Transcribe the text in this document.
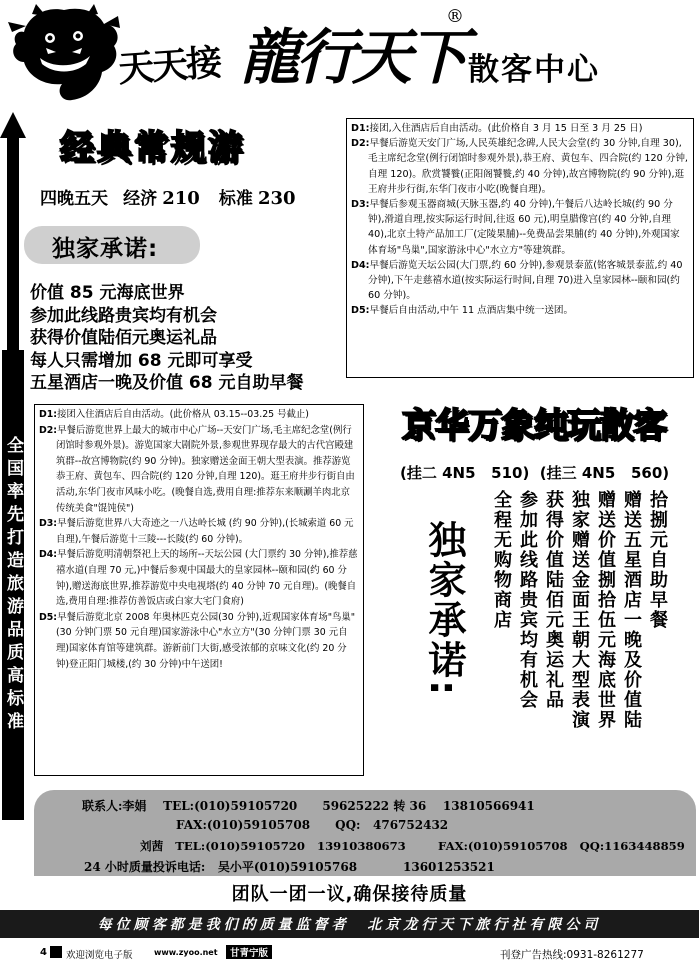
天天接 龍行天下
®
散客中心
全国率先打造旅游品质高标准
经典常规游
四晚五天 经济 210 标准 230
独家承诺:
价值 85 元海底世界
参加此线路贵宾均有机会
获得价值陆佰元奥运礼品
每人只需增加 68 元即可享受
五星酒店一晚及价值 68 元自助早餐

D1:接团,入住酒店后自由活动。(此价格自 3 月 15 日至 3 月 25 日)

D2:早餐后游览天安门广场,人民英雄纪念碑,人民大会堂(约 30 分钟,自理 30),毛主席纪念堂(例行闭馆时参观外景),恭王府、黄包车、四合院(约 120 分钟,自理 120)。欣赏饕餮(正阳阁饕餮,约 40 分钟),故宫博物院(约 90 分钟),逛王府井步行街,东华门夜市小吃(晚餐自理)。

D3:早餐后参观玉器商城(天脉玉器,约 40 分钟),午餐后八达岭长城(约 90 分钟),滑道自理,按实际运行时间,往返 60 元),明皇腊像宫(约 40 分钟,自理 40),北京土特产品加工厂(定陵果脯)--免费品尝果脯(约 40 分钟),外观国家体育场"鸟巢",国家游泳中心"水立方"等建筑群。

D4:早餐后游览天坛公园(大门票,约 60 分钟),参观景泰蓝(铭客城景泰蓝,约 40 分钟),下午走慈禧水道(按实际运行时间,自理 70)进入皇家园林--颐和园(约 60 分钟)。

D5:早餐后自由活动,中午 11 点酒店集中统一送团。

D1:接团入住酒店后自由活动。(此价格从 03.15--03.25 号截止)

D2:早餐后游览世界上最大的城市中心广场--天安门广场,毛主席纪念堂(例行闭馆时参观外景)。游览国家大剧院外景,参观世界现存最大的古代宫殿建筑群--故宫博物院(约 90 分钟)。独家赠送金面王朝大型表演。推荐游览恭王府、黄包车、四合院(约 120 分钟,自理 120)。逛王府井步行街自由活动,东华门夜市风味小吃。(晚餐自选,费用自理:推荐东来顺涮羊肉北京传统美食"馄饨侯")

D3:早餐后游览世界八大奇迹之一八达岭长城 (约 90 分钟),(长城索道 60 元自理),午餐后游览十三陵---长陵(约 60 分钟)。

D4:早餐后游览明清朝祭祀上天的场所--天坛公园 (大门票约 30 分钟),推荐慈禧水道(自理 70 元,)中餐后参观中国最大的皇家园林--颐和园(约 60 分钟),赠送海底世界,推荐游览中央电视塔(约 40 分钟 70 元自理)。(晚餐自选,费用自理:推荐仿善饭店或白家大宅门食府)

D5:早餐后游览北京 2008 年奥林匹克公园(30 分钟),近观国家体育场"鸟巢"(30 分钟门票 50 元自理)国家游泳中心"水立方"(30 分钟门票 30 元自理)国家体育馆等建筑群。游新前门大街,感受浓郁的京味文化(约 20 分钟)登正阳门城楼,(约 30 分钟)中午送团!

京华万象纯玩散客
(挂二 4N5   510)  (挂三 4N5   560)
独家承诺:	拾捌元自助早餐
赠送五星酒店一晚及价值陆
赠送价值捌拾伍元海底世界
独家赠送金面王朝大型表演
获得价值陆佰元奥运礼品
参加此线路贵宾均有机会
全程无购物商店
联系人:李娟    TEL:(010)59105720      59625222 转 36    13810566941
FAX:(010)59105708      QQ:   476752432
刘茜   TEL:(010)59105720   13910380673        FAX:(010)59105708   QQ:1163448859
24 小时质量投诉电话:   吴小平(010)59105768           13601253521
团队一团一议,确保接待质量
每位顾客都是我们的质量监督者  北京龙行天下旅行社有限公司
4 欢迎浏览电子版	www.zyoo.net	甘青宁版	刊登广告热线:0931-8261277
